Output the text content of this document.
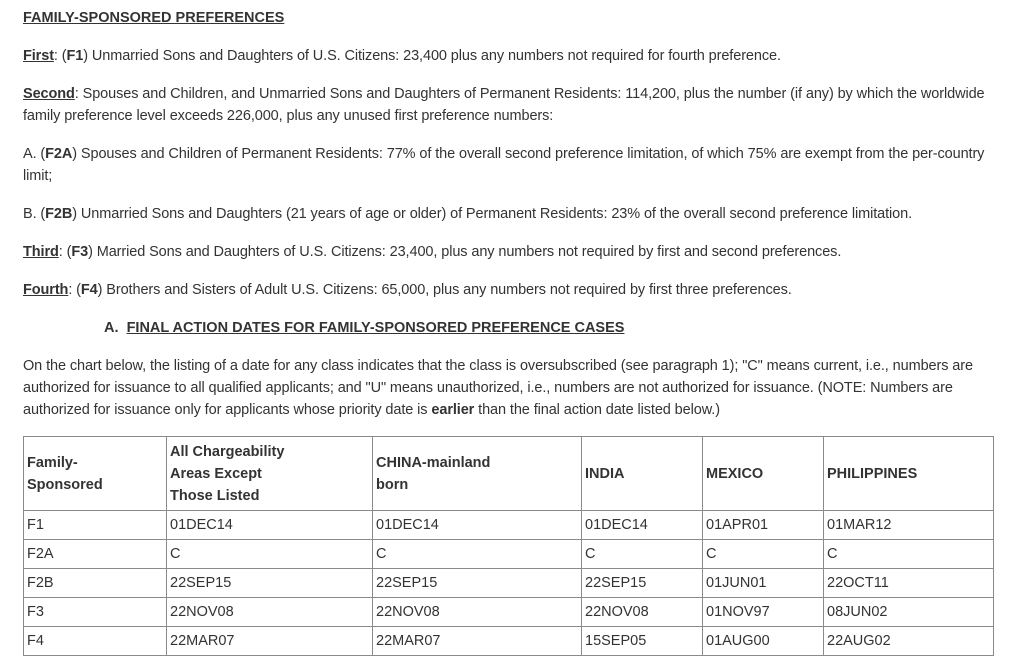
FAMILY-SPONSORED PREFERENCES
First: (F1) Unmarried Sons and Daughters of U.S. Citizens: 23,400 plus any numbers not required for fourth preference.
Second: Spouses and Children, and Unmarried Sons and Daughters of Permanent Residents: 114,200, plus the number (if any) by which the worldwide family preference level exceeds 226,000, plus any unused first preference numbers:
A. (F2A) Spouses and Children of Permanent Residents: 77% of the overall second preference limitation, of which 75% are exempt from the per-country limit;
B. (F2B) Unmarried Sons and Daughters (21 years of age or older) of Permanent Residents: 23% of the overall second preference limitation.
Third: (F3) Married Sons and Daughters of U.S. Citizens: 23,400, plus any numbers not required by first and second preferences.
Fourth: (F4) Brothers and Sisters of Adult U.S. Citizens: 65,000, plus any numbers not required by first three preferences.
A.  FINAL ACTION DATES FOR FAMILY-SPONSORED PREFERENCE CASES
On the chart below, the listing of a date for any class indicates that the class is oversubscribed (see paragraph 1); "C" means current, i.e., numbers are authorized for issuance to all qualified applicants; and "U" means unauthorized, i.e., numbers are not authorized for issuance. (NOTE: Numbers are authorized for issuance only for applicants whose priority date is earlier than the final action date listed below.)
Family-
Sponsored	All Chargeability
Areas Except
Those Listed	CHINA-mainland
born	INDIA	MEXICO	PHILIPPINES
F1	01DEC14	01DEC14	01DEC14	01APR01	01MAR12
F2A	C	C	C	C	C
F2B	22SEP15	22SEP15	22SEP15	01JUN01	22OCT11
F3	22NOV08	22NOV08	22NOV08	01NOV97	08JUN02
F4	22MAR07	22MAR07	15SEP05	01AUG00	22AUG02
